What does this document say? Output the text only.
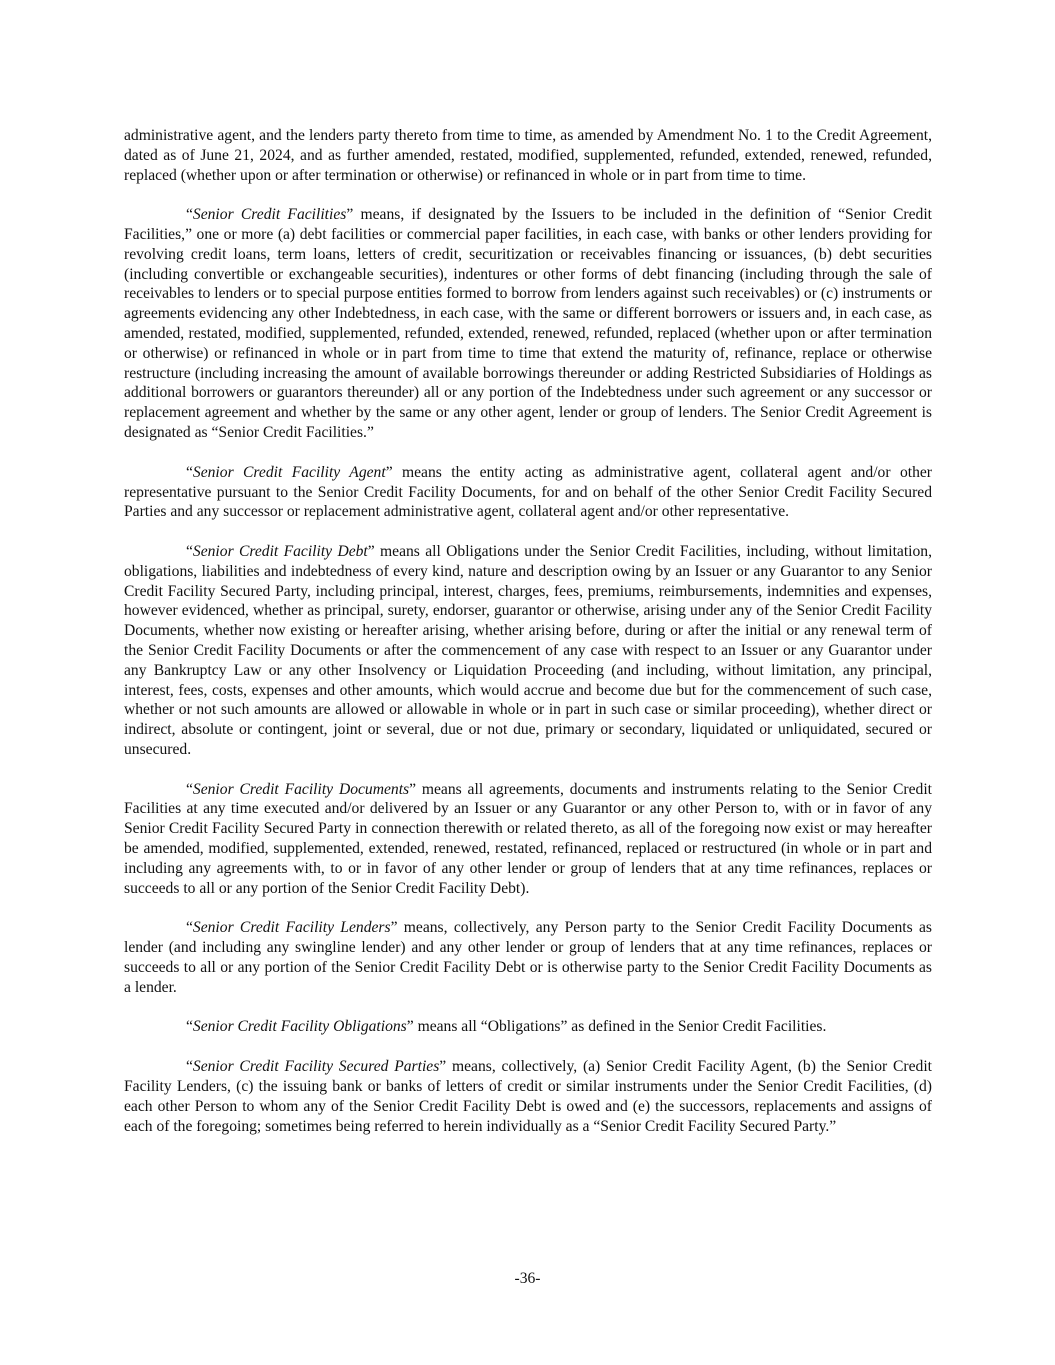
administrative agent, and the lenders party thereto from time to time, as amended by Amendment No. 1 to the Credit Agreement, dated as of June 21, 2024, and as further amended, restated, modified, supplemented, refunded, extended, renewed, refunded, replaced (whether upon or after termination or otherwise) or refinanced in whole or in part from time to time.

“Senior Credit Facilities” means, if designated by the Issuers to be included in the definition of “Senior Credit Facilities,” one or more (a) debt facilities or commercial paper facilities, in each case, with banks or other lenders providing for revolving credit loans, term loans, letters of credit, securitization or receivables financing or issuances, (b) debt securities (including convertible or exchangeable securities), indentures or other forms of debt financing (including through the sale of receivables to lenders or to special purpose entities formed to borrow from lenders against such receivables) or (c) instruments or agreements evidencing any other Indebtedness, in each case, with the same or different borrowers or issuers and, in each case, as amended, restated, modified, supplemented, refunded, extended, renewed, refunded, replaced (whether upon or after termination or otherwise) or refinanced in whole or in part from time to time that extend the maturity of, refinance, replace or otherwise restructure (including increasing the amount of available borrowings thereunder or adding Restricted Subsidiaries of Holdings as additional borrowers or guarantors thereunder) all or any portion of the Indebtedness under such agreement or any successor or replacement agreement and whether by the same or any other agent, lender or group of lenders. The Senior Credit Agreement is designated as “Senior Credit Facilities.”

“Senior Credit Facility Agent” means the entity acting as administrative agent, collateral agent and/or other representative pursuant to the Senior Credit Facility Documents, for and on behalf of the other Senior Credit Facility Secured Parties and any successor or replacement administrative agent, collateral agent and/or other representative.

“Senior Credit Facility Debt” means all Obligations under the Senior Credit Facilities, including, without limitation, obligations, liabilities and indebtedness of every kind, nature and description owing by an Issuer or any Guarantor to any Senior Credit Facility Secured Party, including principal, interest, charges, fees, premiums, reimbursements, indemnities and expenses, however evidenced, whether as principal, surety, endorser, guarantor or otherwise, arising under any of the Senior Credit Facility Documents, whether now existing or hereafter arising, whether arising before, during or after the initial or any renewal term of the Senior Credit Facility Documents or after the commencement of any case with respect to an Issuer or any Guarantor under any Bankruptcy Law or any other Insolvency or Liquidation Proceeding (and including, without limitation, any principal, interest, fees, costs, expenses and other amounts, which would accrue and become due but for the commencement of such case, whether or not such amounts are allowed or allowable in whole or in part in such case or similar proceeding), whether direct or indirect, absolute or contingent, joint or several, due or not due, primary or secondary, liquidated or unliquidated, secured or unsecured.

“Senior Credit Facility Documents” means all agreements, documents and instruments relating to the Senior Credit Facilities at any time executed and/or delivered by an Issuer or any Guarantor or any other Person to, with or in favor of any Senior Credit Facility Secured Party in connection therewith or related thereto, as all of the foregoing now exist or may hereafter be amended, modified, supplemented, extended, renewed, restated, refinanced, replaced or restructured (in whole or in part and including any agreements with, to or in favor of any other lender or group of lenders that at any time refinances, replaces or succeeds to all or any portion of the Senior Credit Facility Debt).

“Senior Credit Facility Lenders” means, collectively, any Person party to the Senior Credit Facility Documents as lender (and including any swingline lender) and any other lender or group of lenders that at any time refinances, replaces or succeeds to all or any portion of the Senior Credit Facility Debt or is otherwise party to the Senior Credit Facility Documents as a lender.

“Senior Credit Facility Obligations” means all “Obligations” as defined in the Senior Credit Facilities.

“Senior Credit Facility Secured Parties” means, collectively, (a) Senior Credit Facility Agent, (b) the Senior Credit Facility Lenders, (c) the issuing bank or banks of letters of credit or similar instruments under the Senior Credit Facilities, (d) each other Person to whom any of the Senior Credit Facility Debt is owed and (e) the successors, replacements and assigns of each of the foregoing; sometimes being referred to herein individually as a “Senior Credit Facility Secured Party.”

-36-
